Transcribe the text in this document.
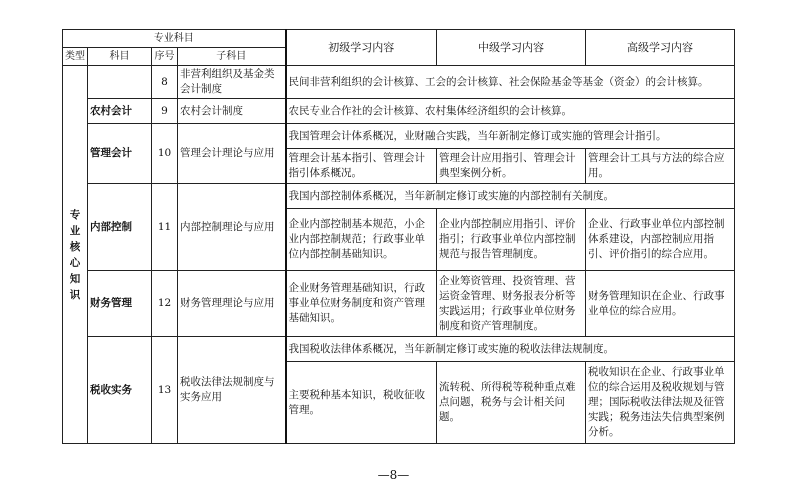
专业科目				初级学习内容	中级学习内容	高级学习内容
类型	科目	序号	子科目			
专业核心知识		8	非营利组织及基金类会计制度	民间非营利组织的会计核算、工会的会计核算、社会保险基金等基金（资金）的会计核算。		
	农村会计	9	农村会计制度	农民专业合作社的会计核算、农村集体经济组织的会计核算。		
	管理会计	10	管理会计理论与应用	我国管理会计体系概况，业财融合实践，当年新制定修订或实施的管理会计指引。		
				管理会计基本指引、管理会计指引体系概况。	管理会计应用指引、管理会计典型案例分析。	管理会计工具与方法的综合应用。
	内部控制	11	内部控制理论与应用	我国内部控制体系概况，当年新制定修订或实施的内部控制有关制度。		
				企业内部控制基本规范，小企业内部控制规范；行政事业单位内部控制基础知识。	企业内部控制应用指引、评价指引；行政事业单位内部控制规范与报告管理制度。	企业、行政事业单位内部控制体系建设，内部控制应用指引、评价指引的综合应用。
	财务管理	12	财务管理理论与应用	企业财务管理基础知识，行政事业单位财务制度和资产管理基础知识。	企业筹资管理、投资管理、营运资金管理、财务报表分析等实践运用；行政事业单位财务制度和资产管理制度。	财务管理知识在企业、行政事业单位的综合应用。
	税收实务	13	税收法律法规制度与实务应用	我国税收法律体系概况，当年新制定修订或实施的税收法律法规制度。		
				主要税种基本知识，税收征收管理。	流转税、所得税等税种重点难点问题，税务与会计相关问题。	税收知识在企业、行政事业单位的综合运用及税收规划与管理；国际税收法律法规及征管实践；税务违法失信典型案例分析。
—8—
